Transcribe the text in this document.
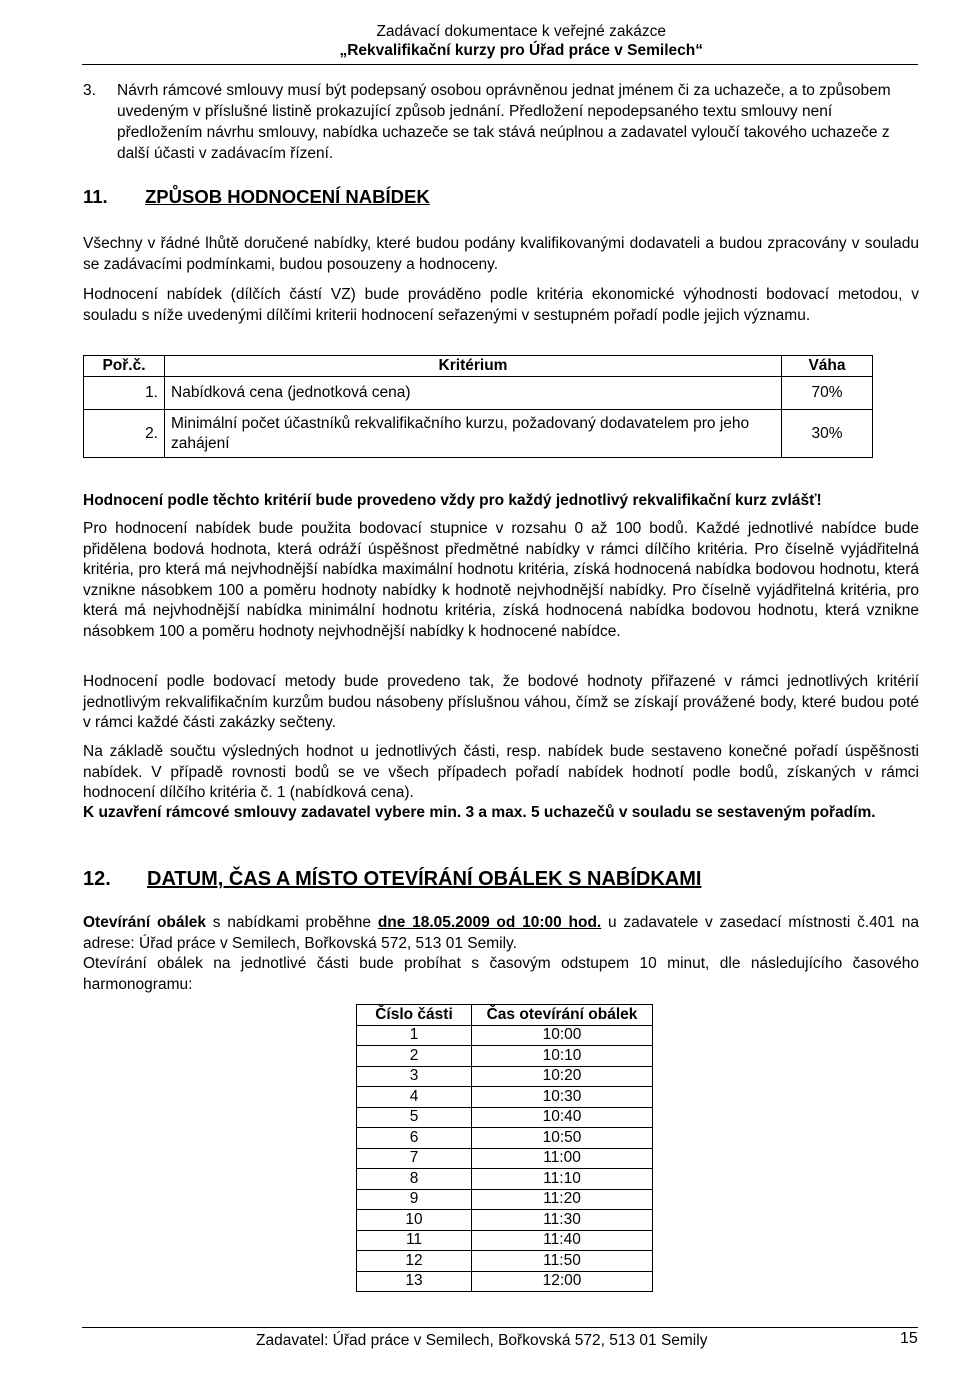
Zadávací dokumentace k veřejné zakázce
„Rekvalifikační kurzy pro Úřad práce v Semilech“
3. Návrh rámcové smlouvy musí být podepsaný osobou oprávněnou jednat jménem či za uchazeče, a to způsobem uvedeným v příslušné listině prokazující způsob jednání. Předložení nepodepsaného textu smlouvy není předložením návrhu smlouvy, nabídka uchazeče se tak stává neúplnou a zadavatel vyloučí takového uchazeče z další účasti v zadávacím řízení.
11. ZPŮSOB HODNOCENÍ NABÍDEK
Všechny v řádné lhůtě doručené nabídky, které budou podány kvalifikovanými dodavateli a budou zpracovány v souladu se zadávacími podmínkami, budou posouzeny a hodnoceny.
Hodnocení nabídek (dílčích částí VZ) bude prováděno podle kritéria ekonomické výhodnosti bodovací metodou, v souladu s níže uvedenými dílčími kriterii hodnocení seřazenými v sestupném pořadí podle jejich významu.
Poř.č.	Kritérium	Váha
1.	Nabídková cena (jednotková cena)	70%
2.	Minimální počet účastníků rekvalifikačního kurzu, požadovaný dodavatelem pro jeho zahájení	30%
Hodnocení podle těchto kritérií bude provedeno vždy pro každý jednotlivý rekvalifikační kurz zvlášť!
Pro hodnocení nabídek bude použita bodovací stupnice v rozsahu 0 až 100 bodů. Každé jednotlivé nabídce bude přidělena bodová hodnota, která odráží úspěšnost předmětné nabídky v rámci dílčího kritéria. Pro číselně vyjádřitelná kritéria, pro která má nejvhodnější nabídka maximální hodnotu kritéria, získá hodnocená nabídka bodovou hodnotu, která vznikne násobkem 100 a poměru hodnoty nabídky k hodnotě nejvhodnější nabídky. Pro číselně vyjádřitelná kritéria, pro která má nejvhodnější nabídka minimální hodnotu kritéria, získá hodnocená nabídka bodovou hodnotu, která vznikne násobkem 100 a poměru hodnoty nejvhodnější nabídky k hodnocené nabídce.
Hodnocení podle bodovací metody bude provedeno tak, že bodové hodnoty přiřazené v rámci jednotlivých kritérií jednotlivým rekvalifikačním kurzům budou násobeny příslušnou váhou, čímž se získají provážené body, které budou poté v rámci každé části zakázky sečteny.
Na základě součtu výsledných hodnot u jednotlivých části, resp. nabídek bude sestaveno konečné pořadí úspěšnosti nabídek. V případě rovnosti bodů se ve všech případech pořadí nabídek hodnotí podle bodů, získaných v rámci hodnocení dílčího kritéria č. 1 (nabídková cena).
K uzavření rámcové smlouvy zadavatel vybere min. 3 a max. 5 uchazečů v souladu se sestaveným pořadím.
12. DATUM, ČAS A MÍSTO OTEVÍRÁNÍ OBÁLEK S NABÍDKAMI
Otevírání obálek s nabídkami proběhne dne 18.05.2009 od 10:00 hod. u zadavatele v zasedací místnosti č.401 na adrese: Úřad práce v Semilech, Bořkovská 572, 513 01 Semily.
Otevírání obálek na jednotlivé části bude probíhat s časovým odstupem 10 minut, dle následujícího časového harmonogramu:
Číslo části	Čas otevírání obálek
1	10:00
2	10:10
3	10:20
4	10:30
5	10:40
6	10:50
7	11:00
8	11:10
9	11:20
10	11:30
11	11:40
12	11:50
13	12:00
Zadavatel: Úřad práce v Semilech, Bořkovská 572, 513 01 Semily	15
